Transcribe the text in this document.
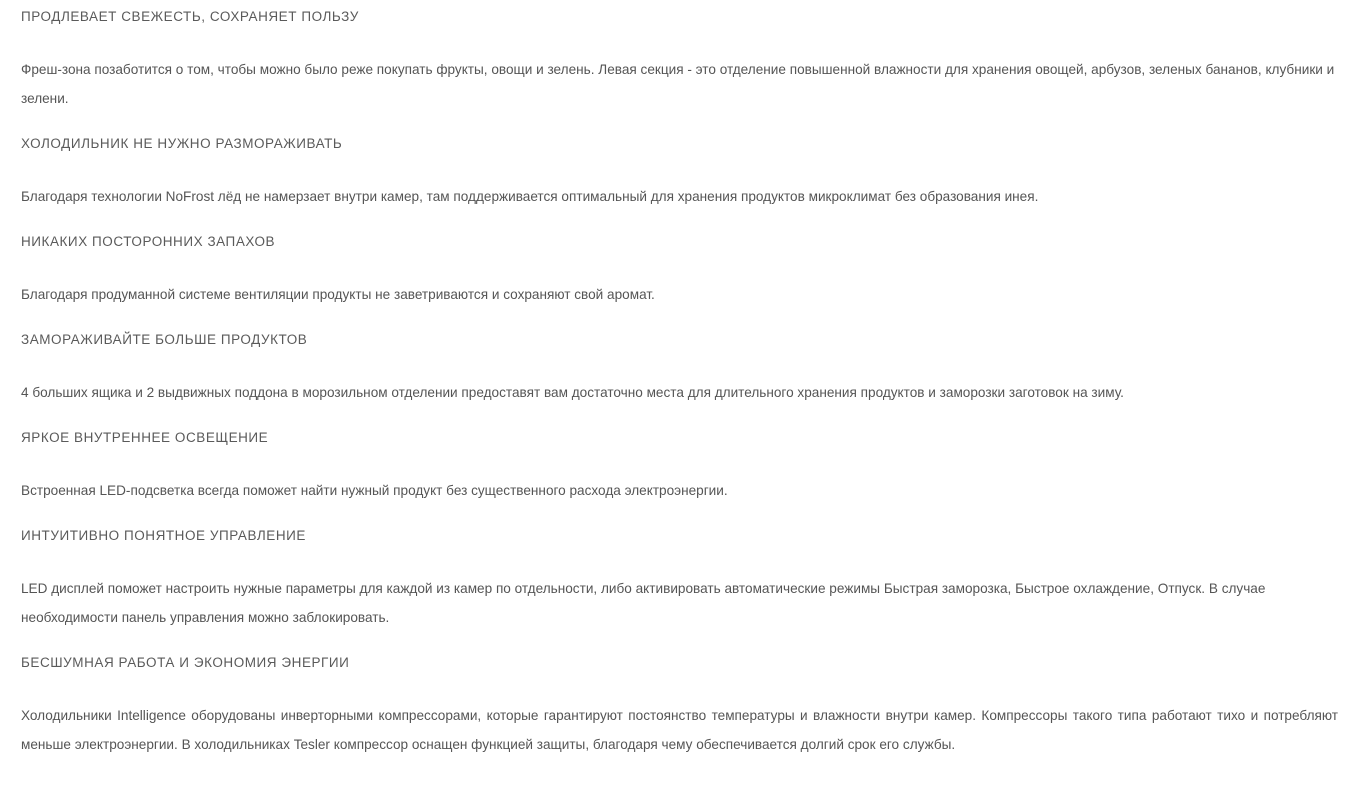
ПРОДЛЕВАЕТ СВЕЖЕСТЬ, СОХРАНЯЕТ ПОЛЬЗУ

Фреш-зона позаботится о том, чтобы можно было реже покупать фрукты, овощи и зелень. Левая секция - это отделение повышенной влажности для хранения овощей, арбузов, зеленых бананов, клубники и зелени.

ХОЛОДИЛЬНИК НЕ НУЖНО РАЗМОРАЖИВАТЬ

Благодаря технологии NoFrost лёд не намерзает внутри камер, там поддерживается оптимальный для хранения продуктов микроклимат без образования инея.

НИКАКИХ ПОСТОРОННИХ ЗАПАХОВ

Благодаря продуманной системе вентиляции продукты не заветриваются и сохраняют свой аромат.

ЗАМОРАЖИВАЙТЕ БОЛЬШЕ ПРОДУКТОВ

4 больших ящика и 2 выдвижных поддона в морозильном отделении предоставят вам достаточно места для длительного хранения продуктов и заморозки заготовок на зиму.

ЯРКОЕ ВНУТРЕННЕЕ ОСВЕЩЕНИЕ

Встроенная LED-подсветка всегда поможет найти нужный продукт без существенного расхода электроэнергии.

ИНТУИТИВНО ПОНЯТНОЕ УПРАВЛЕНИЕ

LED дисплей поможет настроить нужные параметры для каждой из камер по отдельности, либо активировать автоматические режимы Быстрая заморозка, Быстрое охлаждение, Отпуск. В случае необходимости панель управления можно заблокировать.

БЕСШУМНАЯ РАБОТА И ЭКОНОМИЯ ЭНЕРГИИ

Холодильники Intelligence оборудованы инверторными компрессорами, которые гарантируют постоянство температуры и влажности внутри камер. Компрессоры такого типа работают тихо и потребляют меньше электроэнергии. В холодильниках Tesler компрессор оснащен функцией защиты, благодаря чему обеспечивается долгий срок его службы.
